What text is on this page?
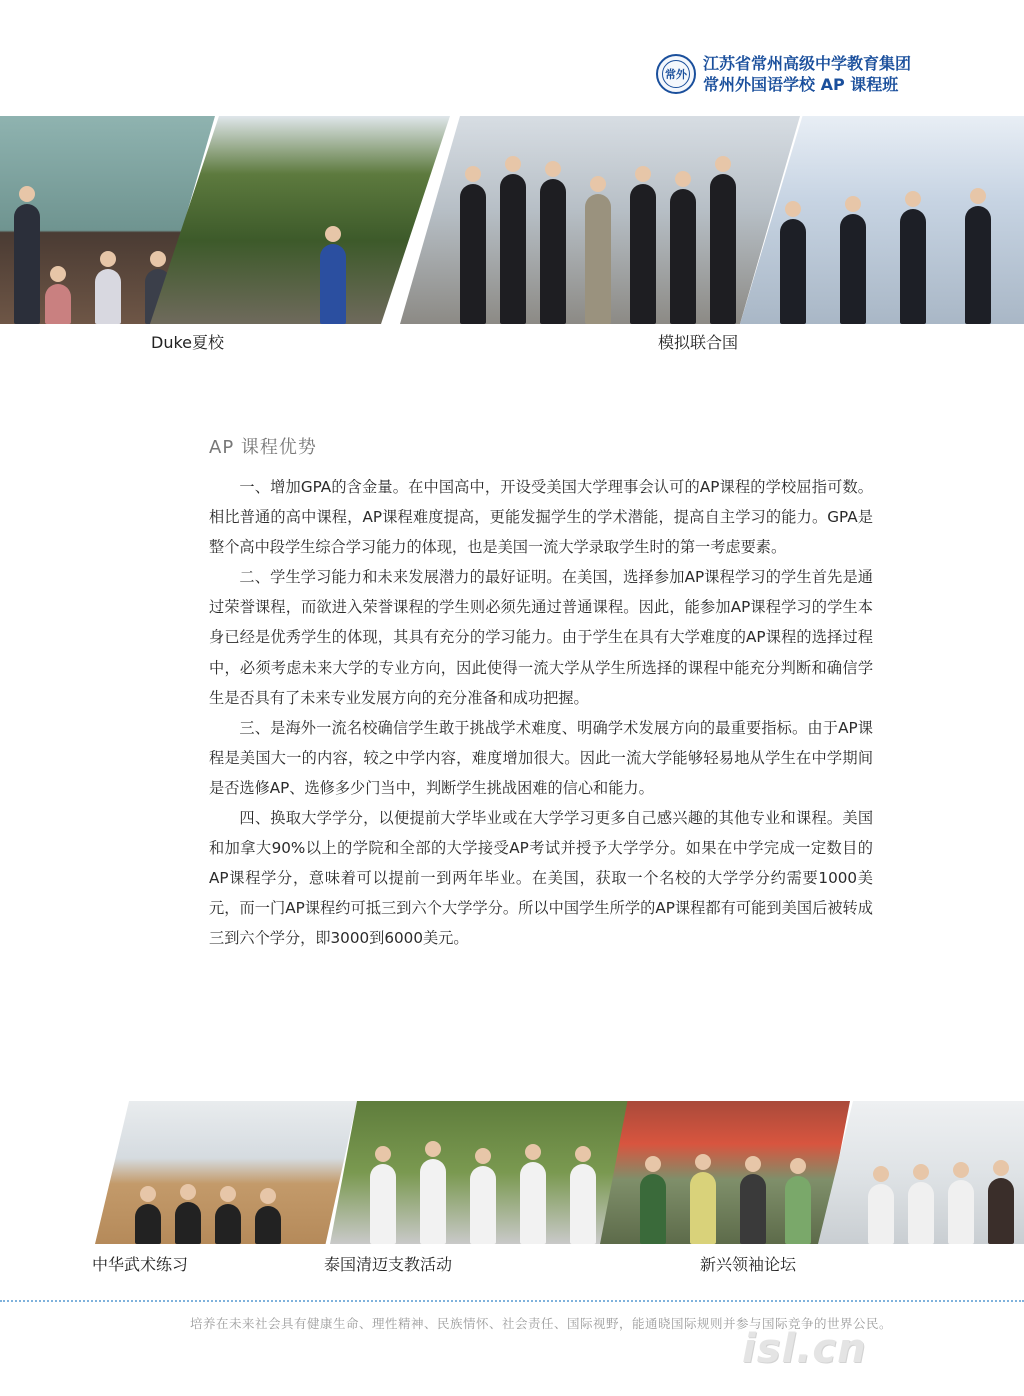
常外
江苏省常州高级中学教育集团
常州外国语学校 AP 课程班
Duke夏校	模拟联合国
AP 课程优势

一、增加GPA的含金量。在中国高中，开设受美国大学理事会认可的AP课程的学校屈指可数。相比普通的高中课程，AP课程难度提高，更能发掘学生的学术潜能，提高自主学习的能力。GPA是整个高中段学生综合学习能力的体现，也是美国一流大学录取学生时的第一考虑要素。

二、学生学习能力和未来发展潜力的最好证明。在美国，选择参加AP课程学习的学生首先是通过荣誉课程，而欲进入荣誉课程的学生则必须先通过普通课程。因此，能参加AP课程学习的学生本身已经是优秀学生的体现，其具有充分的学习能力。由于学生在具有大学难度的AP课程的选择过程中，必须考虑未来大学的专业方向，因此使得一流大学从学生所选择的课程中能充分判断和确信学生是否具有了未来专业发展方向的充分准备和成功把握。

三、是海外一流名校确信学生敢于挑战学术难度、明确学术发展方向的最重要指标。由于AP课程是美国大一的内容，较之中学内容，难度增加很大。因此一流大学能够轻易地从学生在中学期间是否选修AP、选修多少门当中，判断学生挑战困难的信心和能力。

四、换取大学学分，以便提前大学毕业或在大学学习更多自己感兴趣的其他专业和课程。美国和加拿大90%以上的学院和全部的大学接受AP考试并授予大学学分。如果在中学完成一定数目的AP课程学分，意味着可以提前一到两年毕业。在美国，获取一个名校的大学学分约需要1000美元，而一门AP课程约可抵三到六个大学学分。所以中国学生所学的AP课程都有可能到美国后被转成三到六个学分，即3000到6000美元。

中华武术练习	泰国清迈支教活动	新兴领袖论坛
培养在未来社会具有健康生命、理性精神、民族情怀、社会责任、国际视野，能通晓国际规则并参与国际竞争的世界公民。
isl.cn
